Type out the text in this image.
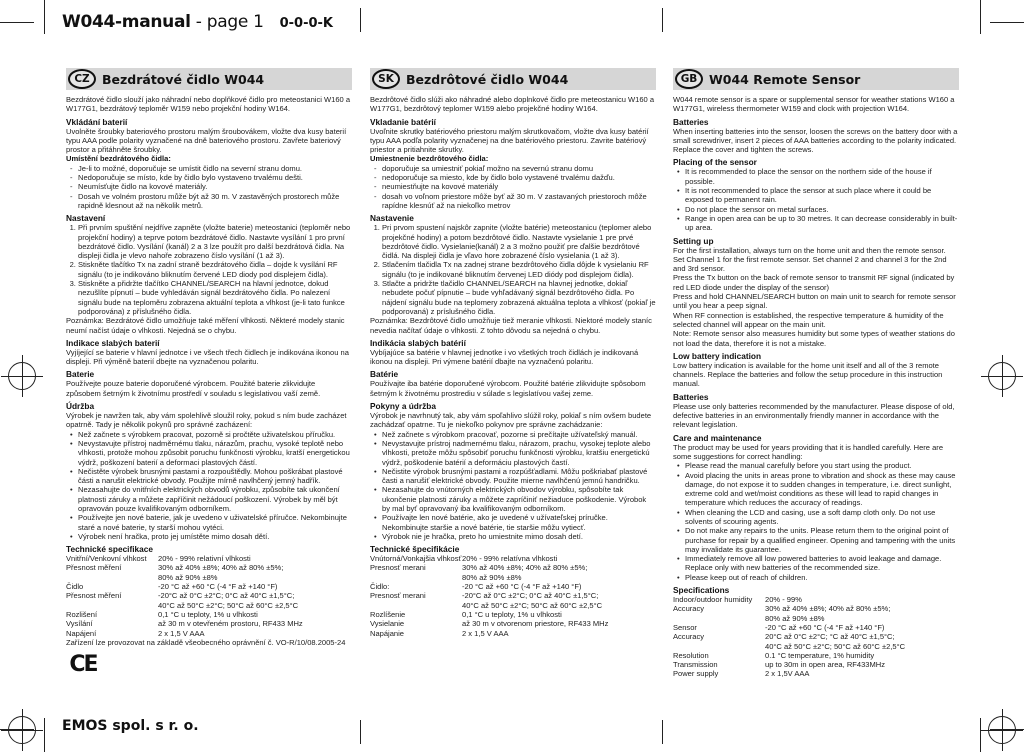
W044-manual - page 1 0-0-0-K
CZ Bezdrátové čidlo W044

Bezdrátové čidlo slouží jako náhradní nebo doplňkové čidlo pro meteostanici W160 a W177G1, bezdrátový teploměr W159 nebo projekční hodiny W164.

Vkládání baterií

Uvolněte šroubky bateriového prostoru malým šroubovákem, vložte dva kusy baterií typu AAA podle polarity vyznačené na dně bateriového prostoru. Zavřete bateriový prostor a přitáhněte šroubky.

Umístění bezdrátového čidla:
- Je-li to možné, doporučuje se umístit čidlo na severní stranu domu.
- Nedoporučuje se místo, kde by čidlo bylo vystaveno trvalému dešti.
- Neumísťujte čidlo na kovové materiály.
- Dosah ve volném prostoru může být až 30 m. V zastavěných prostorech může rapidně klesnout až na několik metrů.
Nastavení
1. Při prvním spuštění nejdříve zapněte (vložte baterie) meteostanici (teploměr nebo projekční hodiny) a teprve potom bezdrátové čidlo. Nastavte vysílání 1 pro první bezdrátové čidlo. Vysílání (kanál) 2 a 3 lze použít pro další bezdrátová čidla. Na displeji čidla je vlevo nahoře zobrazeno číslo vysílání (1 až 3).
2. Stiskněte tlačítko Tx na zadní straně bezdrátového čidla – dojde k vysílání RF signálu (to je indikováno bliknutím červené LED diody pod displejem čidla).
3. Stiskněte a přidržte tlačítko CHANNEL/SEARCH na hlavní jednotce, dokud nezušlíte pípnutí – bude vyhledáván signál bezdrátového čidla. Po nalezení signálu bude na teploměru zobrazena aktuální teplota a vlhkost (je-li tato funkce podporována) z příslušného čidla.

Poznámka: Bezdrátové čidlo umožňuje také měření vlhkosti. Některé modely stanic neumí načíst údaje o vlhkosti. Nejedná se o chybu.

Indikace slabých baterií

Vyjíjející se baterie v hlavní jednotce i ve všech třech čidlech je indikována ikonou na displeji. Při výměně baterií dbejte na vyznačenou polaritu.

Baterie

Používejte pouze baterie doporučené výrobcem. Použité baterie zlikvidujte způsobem šetrným k životnímu prostředí v souladu s legislativou vaší země.

Údržba

Výrobek je navržen tak, aby vám spolehlivě sloužil roky, pokud s ním bude zacházet opatrně. Tady je několik pokynů pro správné zacházení:

• Než začnete s výrobkem pracovat, pozorně si pročtěte uživatelskou příručku.
• Nevystavujte přístroj nadměrnému tlaku, nárazům, prachu, vysoké teplotě nebo vlhkosti, protože mohou způsobit poruchu funkčnosti výrobku, kratší energetickou výdrž, poškození baterií a deformaci plastových částí.
• Nečistěte výrobek brusnými pastami a rozpouštědly. Mohou poškrábat plastové části a narušit elektrické obvody. Použijte mírně navlhčený jemný hadřík.
• Nezasahujte do vnitřních elektrických obvodů výrobku, způsobíte tak ukončení platnosti záruky a můžete zapříčinit nežádoucí poškození. Výrobek by měl být opravován pouze kvalifikovaným odborníkem.
• Používejte jen nové baterie, jak je uvedeno v uživatelské příručce. Nekombinujte staré a nové baterie, ty starší mohou vytéci.
• Výrobek není hračka, proto jej umístěte mimo dosah dětí.
Technické specifikace
Vnitřní/Venkovní vlhkost	20% - 99% relativní vlhkosti
Přesnost měření	30% až 40% ±8%; 40% až 80% ±5%;
80% až 90% ±8%
Čidlo	-20 °C až +60 °C (-4 °F až +140 °F)
Přesnost měření	-20°C až 0°C ±2°C; 0°C až 40°C ±1,5°C;
40°C až 50°C ±2°C; 50°C až 60°C ±2,5°C
Rozlišení	0,1 °C u teploty, 1% u vlhkosti
Vysílání	až 30 m v otevřeném prostoru, RF433 MHz
Napájení	2 x 1,5 V AAA

Zařízení lze provozovat na základě všeobecného oprávnění č. VO-R/10/08.2005-24

CE
SK Bezdrôtové čidlo W044

Bezdrôtové čidlo slúži ako náhradné alebo doplnkové čidlo pre meteostanicu W160 a W177G1, bezdrôtový teplomer W159 alebo projekčné hodiny W164.

Vkladanie batérií

Uvoľnite skrutky batériového priestoru malým skrutkovačom, vložte dva kusy batérií typu AAA podľa polarity vyznačenej na dne batériového priestoru. Zavrite batériový priestor a pritiahnite skrutky.

Umiestnenie bezdrôtového čidla:
- doporučuje sa umiestniť pokiaľ možno na severnú stranu domu
- nedoporučuje sa miesto, kde by čidlo bolo vystavené trvalému dažďu.
- neumiestňujte na kovové materiály
- dosah vo voľnom priestore môže byť až 30 m. V zastavaných priestoroch môže rapídne klesnúť až na niekoľko metrov
Nastavenie
1. Pri prvom spustení najskôr zapnite (vložte batérie) meteostanicu (teplomer alebo projekčné hodiny) a potom bezdrôtové čidlo. Nastavte vysielanie 1 pre prvé bezdrôtové čidlo. Vysielanie(kanál) 2 a 3 možno použiť pre ďalšie bezdrôtové čidlá. Na displeji čidla je vľavo hore zobrazené číslo vysielania (1 až 3).
2. Stlačením tlačidla Tx na zadnej strane bezdrôtového čidla dôjde k vysielaniu RF signálu (to je indikované bliknutím červenej LED diódy pod displejom čidla).
3. Stlačte a pridržte tlačidlo CHANNEL/SEARCH na hlavnej jednotke, dokiaľ nebudete počuť pípnutie – bude vyhľadávaný signál bezdrôtového čidla. Po nájdení signálu bude na teplomery zobrazená aktuálna teplota a vlhkosť (pokiaľ je podporovaná) z príslušného čidla.

Poznámka: Bezdrôtové čidlo umožňuje tiež meranie vlhkosti. Niektoré modely staníc nevedia načítať údaje o vlhkosti. Z tohto dôvodu sa nejedná o chybu.

Indikácia slabých batérií

Vybíjajúce sa batérie v hlavnej jednotke i vo všetkých troch čidlách je indikovaná ikonou na displeji. Pri výmene batérií dbajte na vyznačenú polaritu.

Batérie

Používajte iba batérie doporučené výrobcom. Použité batérie zlikvidujte spôsobom šetrným k životnému prostrediu v súlade s legislatívou vašej zeme.

Pokyny a údržba

Výrobok je navrhnutý tak, aby vám spoľahlivo slúžil roky, pokiaľ s ním ovšem budete zachádzať opatrne. Tu je niekoľko pokynov pre správne zachádzanie:

• Než začnete s výrobkom pracovať, pozorne si prečítajte užívateľský manuál.
• Nevystavujte prístroj nadmernému tlaku, nárazom, prachu, vysokej teplote alebo vlhkosti, pretože môžu spôsobiť poruchu funkčnosti výrobku, kratšiu energetickú výdrž, poškodenie batérií a deformáciu plastových častí.
• Nečistite výrobok brusnými pastami a rozpúšťadlami. Môžu poškriabať plastové časti a narušiť elektrické obvody. Použite mierne navlhčenú jemnú handričku.
• Nezasahujte do vnútorných elektrických obvodov výrobku, spôsobíte tak ukončenie platnosti záruky a môžete zapríčiniť nežiaduce poškodenie. Výrobok by mal byť opravovaný iba kvalifikovaným odborníkom.
• Používajte len nové batérie, ako je uvedené v užívateľskej príručke. Nekombinujte staršie a nové batérie, tie staršie môžu vytiecť.
• Výrobok nie je hračka, preto ho umiestnite mimo dosah detí.
Technické špecifikácie
Vnútorná/Vonkajšia vlhkosť 20% - 99% relatívna vlhkosti
Presnosť merani	30% až 40% ±8%; 40% až 80% ±5%;
80% až 90% ±8%
Čidlo:	-20 °C až +60 °C (-4 °F až +140 °F)
Presnosť merani	-20°C až 0°C ±2°C; 0°C až 40°C ±1,5°C;
40°C až 50°C ±2°C; 50°C až 60°C ±2,5°C
Rozlíšenie	0,1 °C u teploty, 1% u vlhkosti
Vysielanie	až 30 m v otvorenom priestore, RF433 MHz
Napájanie	2 x 1,5 V AAA
GB W044 Remote Sensor

W044 remote sensor is a spare or supplemental sensor for weather stations W160 a W177G1, wireless thermometer W159 and clock with projection W164.

Batteries

When inserting batteries into the sensor, loosen the screws on the battery door with a small screwdriver, insert 2 pieces of AAA batteries according to the polarity indicated. Replace the cover and tighten the screws.

Placing of the sensor
• It is recommended to place the sensor on the northern side of the house if possible.
• It is not recommended to place the sensor at such place where it could be exposed to permanent rain.
• Do not place the sensor on metal surfaces.
• Range in open area can be up to 30 metres. It can decrease considerably in built-up area.
Setting up

For the first installation, always turn on the home unit and then the remote sensor. Set Channel 1 for the first remote sensor. Set channel 2 and channel 3 for the 2nd and 3rd sensor.

Press the Tx button on the back of remote sensor to transmit RF signal (indicated by red LED diode under the display of the sensor)

Press and hold CHANNEL/SEARCH button on main unit to search for remote sensor until you hear a peep signal.

When RF connection is established, the respective temperature & humidity of the selected channel will appear on the main unit.

Note: Remote sensor also measures humidity but some types of weather stations do not load the data, therefore it is not a mistake.

Low battery indication

Low battery indication is available for the home unit itself and all of the 3 remote channels. Replace the batteries and follow the setup procedure in this instruction manual.

Batteries

Please use only batteries recommended by the manufacturer. Please dispose of old, defective batteries in an environmentally friendly manner in accordance with the relevant legislation.

Care and maintenance

The product may be used for years providing that it is handled carefully. Here are some suggestions for correct handling:

• Please read the manual carefully before you start using the product.
• Avoid placing the units in areas prone to vibration and shock as these may cause damage, do not expose it to sudden changes in temperature, i.e. direct sunlight, extreme cold and wet/moist conditions as these will lead to rapid changes in temperature which reduces the accuracy of readings.
• When cleaning the LCD and casing, use a soft damp cloth only. Do not use solvents of scouring agents.
• Do not make any repairs to the units. Please return them to the original point of purchase for repair by a qualified engineer. Opening and tampering with the units may invalidate its guarantee.
• Immediately remove all low powered batteries to avoid leakage and damage. Replace only with new batteries of the recommended size.
• Please keep out of reach of children.
Specifications
Indoor/outdoor humidity	20% - 99%
Accuracy	30% až 40% ±8%; 40% až 80% ±5%;
80% až 90% ±8%
Sensor	-20 °C až +60 °C (-4 °F až +140 °F)
Accuracy	20°C až 0°C ±2°C; °C až 40°C ±1,5°C;
40°C až 50°C ±2°C; 50°C až 60°C ±2,5°C
Resolution	0.1 °C temperature, 1% humidity
Transmission	up to 30m in open area, RF433MHz
Power supply	2 x 1,5V AAA
EMOS spol. s r. o.
